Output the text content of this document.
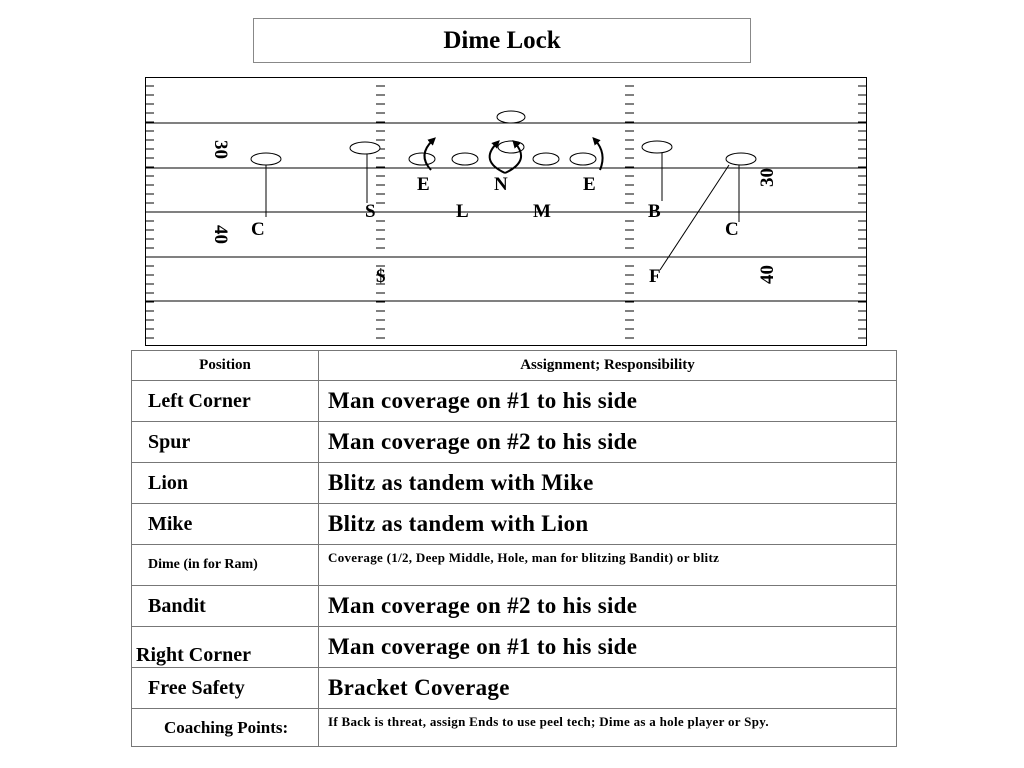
Dime Lock
30
40
30
40
E	N	E
S	L	M	B
C	C
$	F
Position	Assignment; Responsibility
Left Corner	Man coverage on #1 to his side
Spur	Man coverage on #2 to his side
Lion	Blitz as tandem with Mike
Mike	Blitz as tandem with Lion
Dime (in for Ram)	Coverage (1/2, Deep Middle, Hole, man for blitzing Bandit) or blitz
Bandit	Man coverage on #2 to his side
Right Corner	Man coverage on #1 to his side
Free Safety	Bracket Coverage
Coaching Points:	If Back is threat, assign Ends to use peel tech; Dime as a hole player or Spy.
